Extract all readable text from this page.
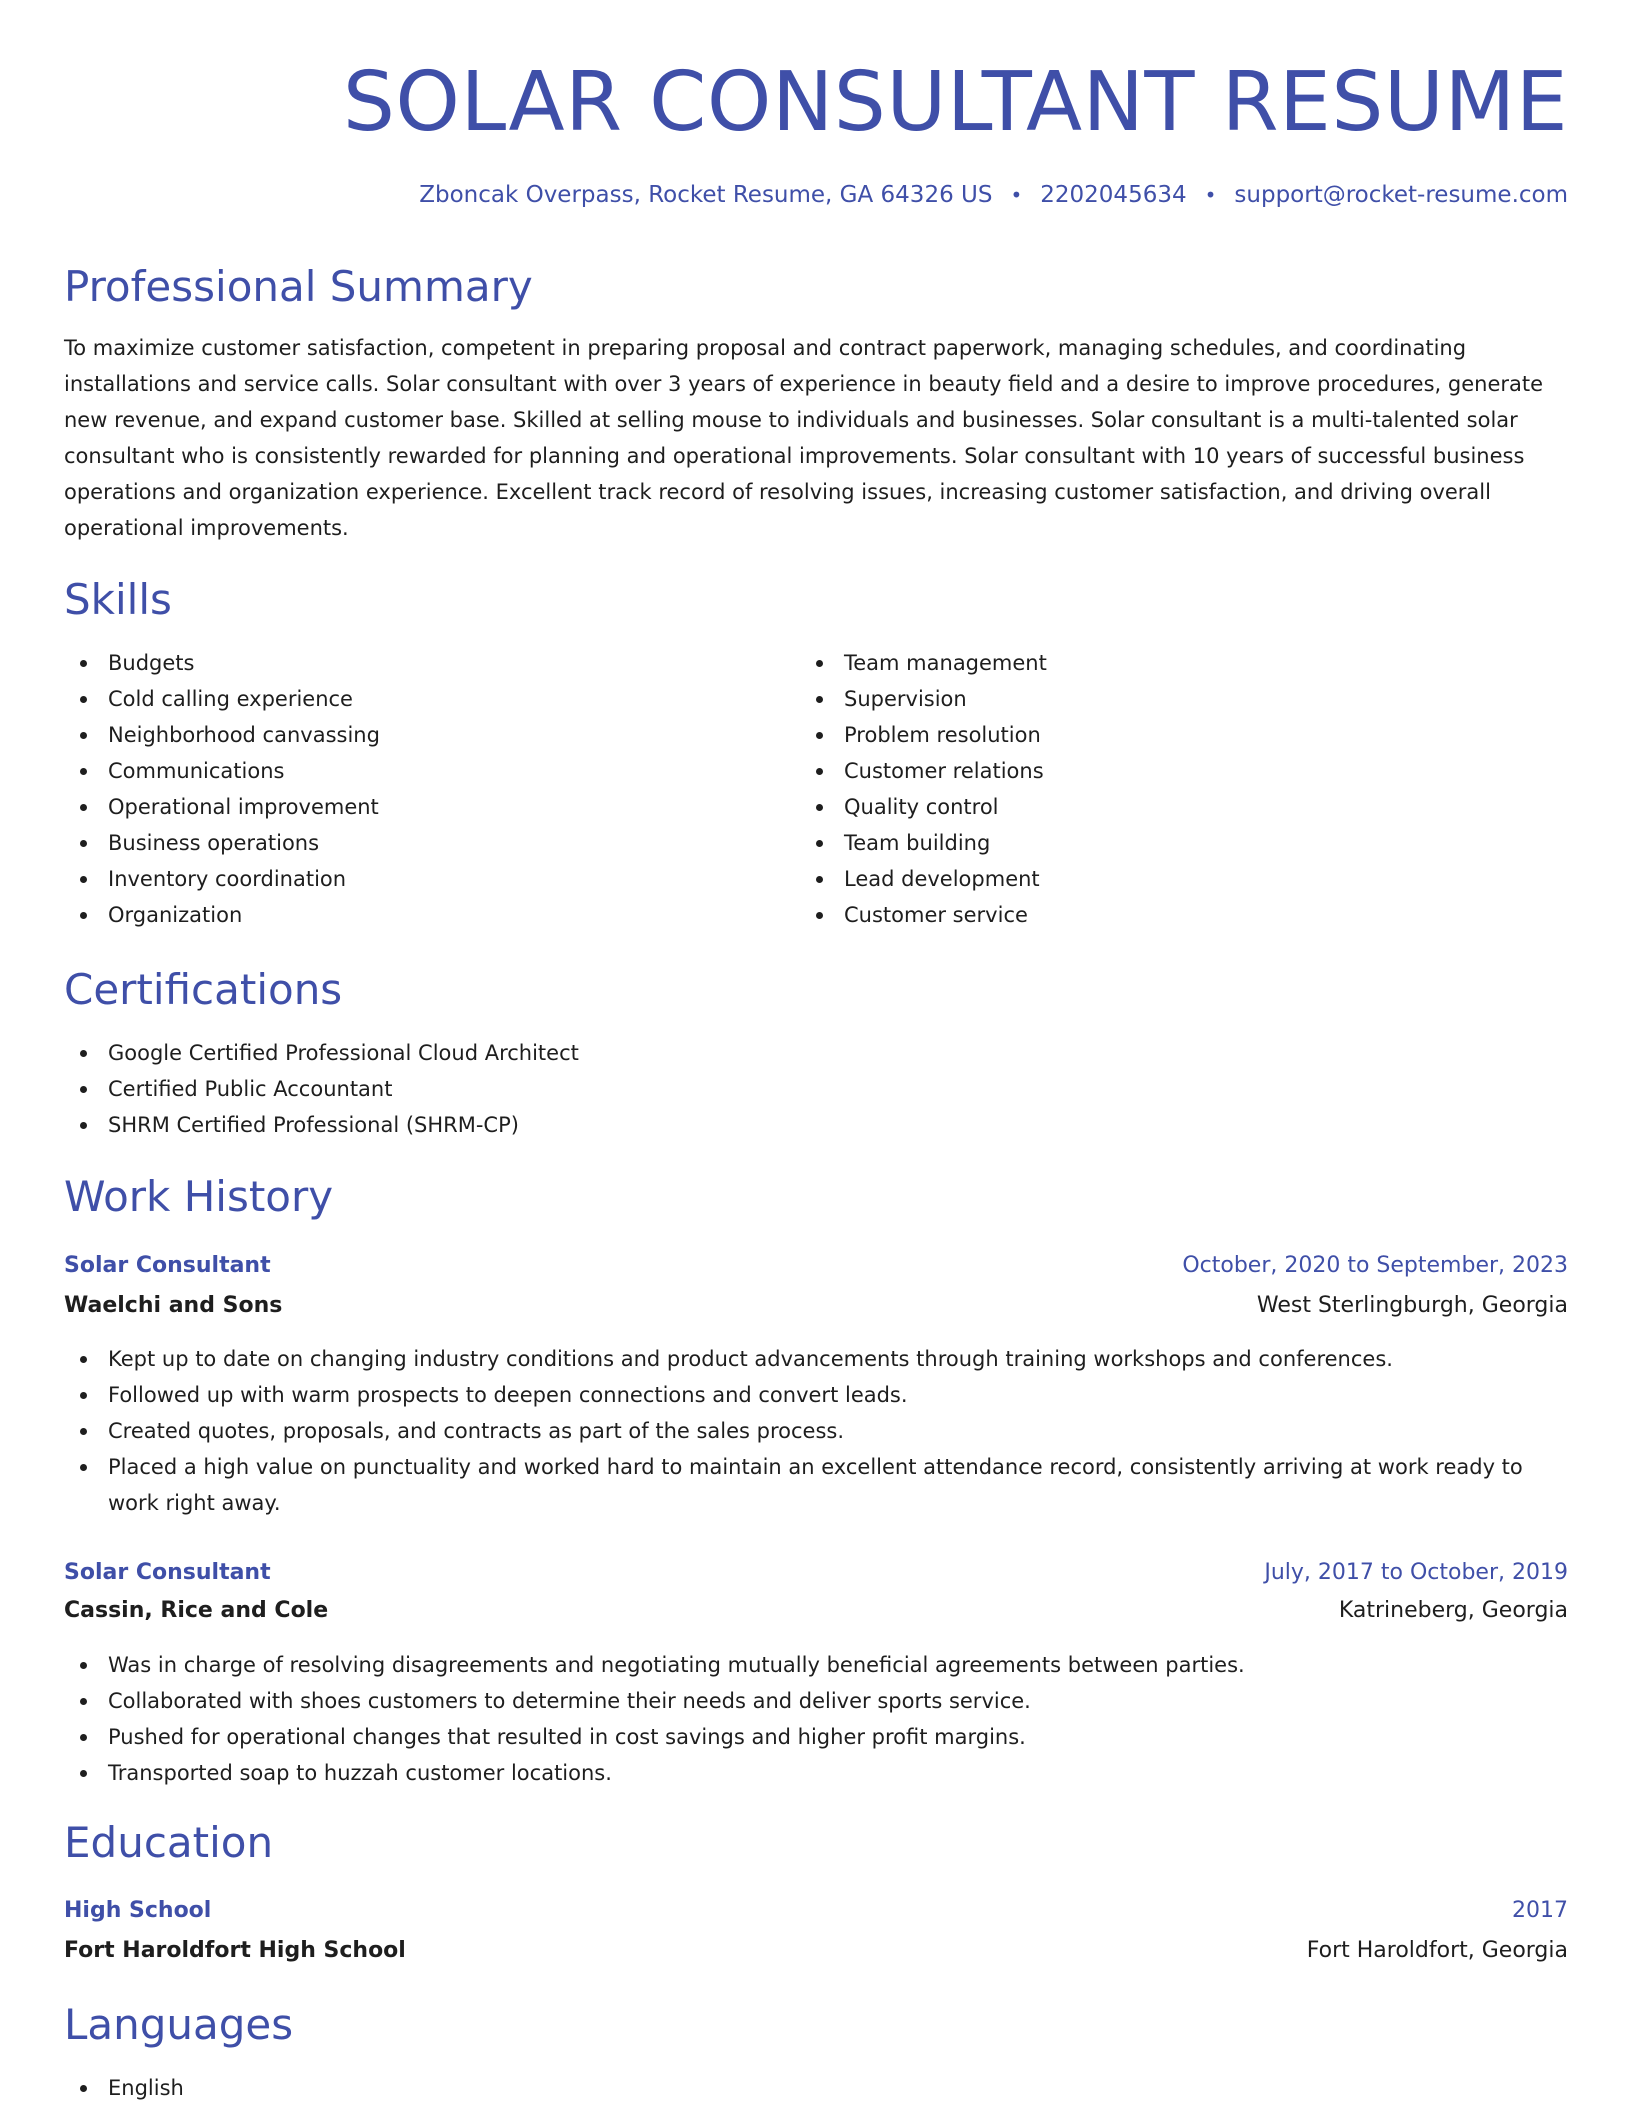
SOLAR CONSULTANT RESUME
Zboncak Overpass, Rocket Resume, GA 64326 US • 2202045634 • support@rocket-resume.com
Professional Summary

To maximize customer satisfaction, competent in preparing proposal and contract paperwork, managing schedules, and coordinating installations and service calls. Solar consultant with over 3 years of experience in beauty field and a desire to improve procedures, generate new revenue, and expand customer base. Skilled at selling mouse to individuals and businesses. Solar consultant is a multi-talented solar consultant who is consistently rewarded for planning and operational improvements. Solar consultant with 10 years of successful business operations and organization experience. Excellent track record of resolving issues, increasing customer satisfaction, and driving overall operational improvements.

Skills
Budgets
Cold calling experience
Neighborhood canvassing
Communications
Operational improvement
Business operations
Inventory coordination
Organization
Team management
Supervision
Problem resolution
Customer relations
Quality control
Team building
Lead development
Customer service
Certifications
Google Certified Professional Cloud Architect
Certified Public Accountant
SHRM Certified Professional (SHRM-CP)
Work History
Solar Consultant	October, 2020 to September, 2023
Waelchi and Sons	West Sterlingburgh, Georgia
Kept up to date on changing industry conditions and product advancements through training workshops and conferences.
Followed up with warm prospects to deepen connections and convert leads.
Created quotes, proposals, and contracts as part of the sales process.
Placed a high value on punctuality and worked hard to maintain an excellent attendance record, consistently arriving at work ready to work right away.
Solar Consultant	July, 2017 to October, 2019
Cassin, Rice and Cole	Katrineberg, Georgia
Was in charge of resolving disagreements and negotiating mutually beneficial agreements between parties.
Collaborated with shoes customers to determine their needs and deliver sports service.
Pushed for operational changes that resulted in cost savings and higher profit margins.
Transported soap to huzzah customer locations.
Education
High School	2017
Fort Haroldfort High School	Fort Haroldfort, Georgia
Languages
English
